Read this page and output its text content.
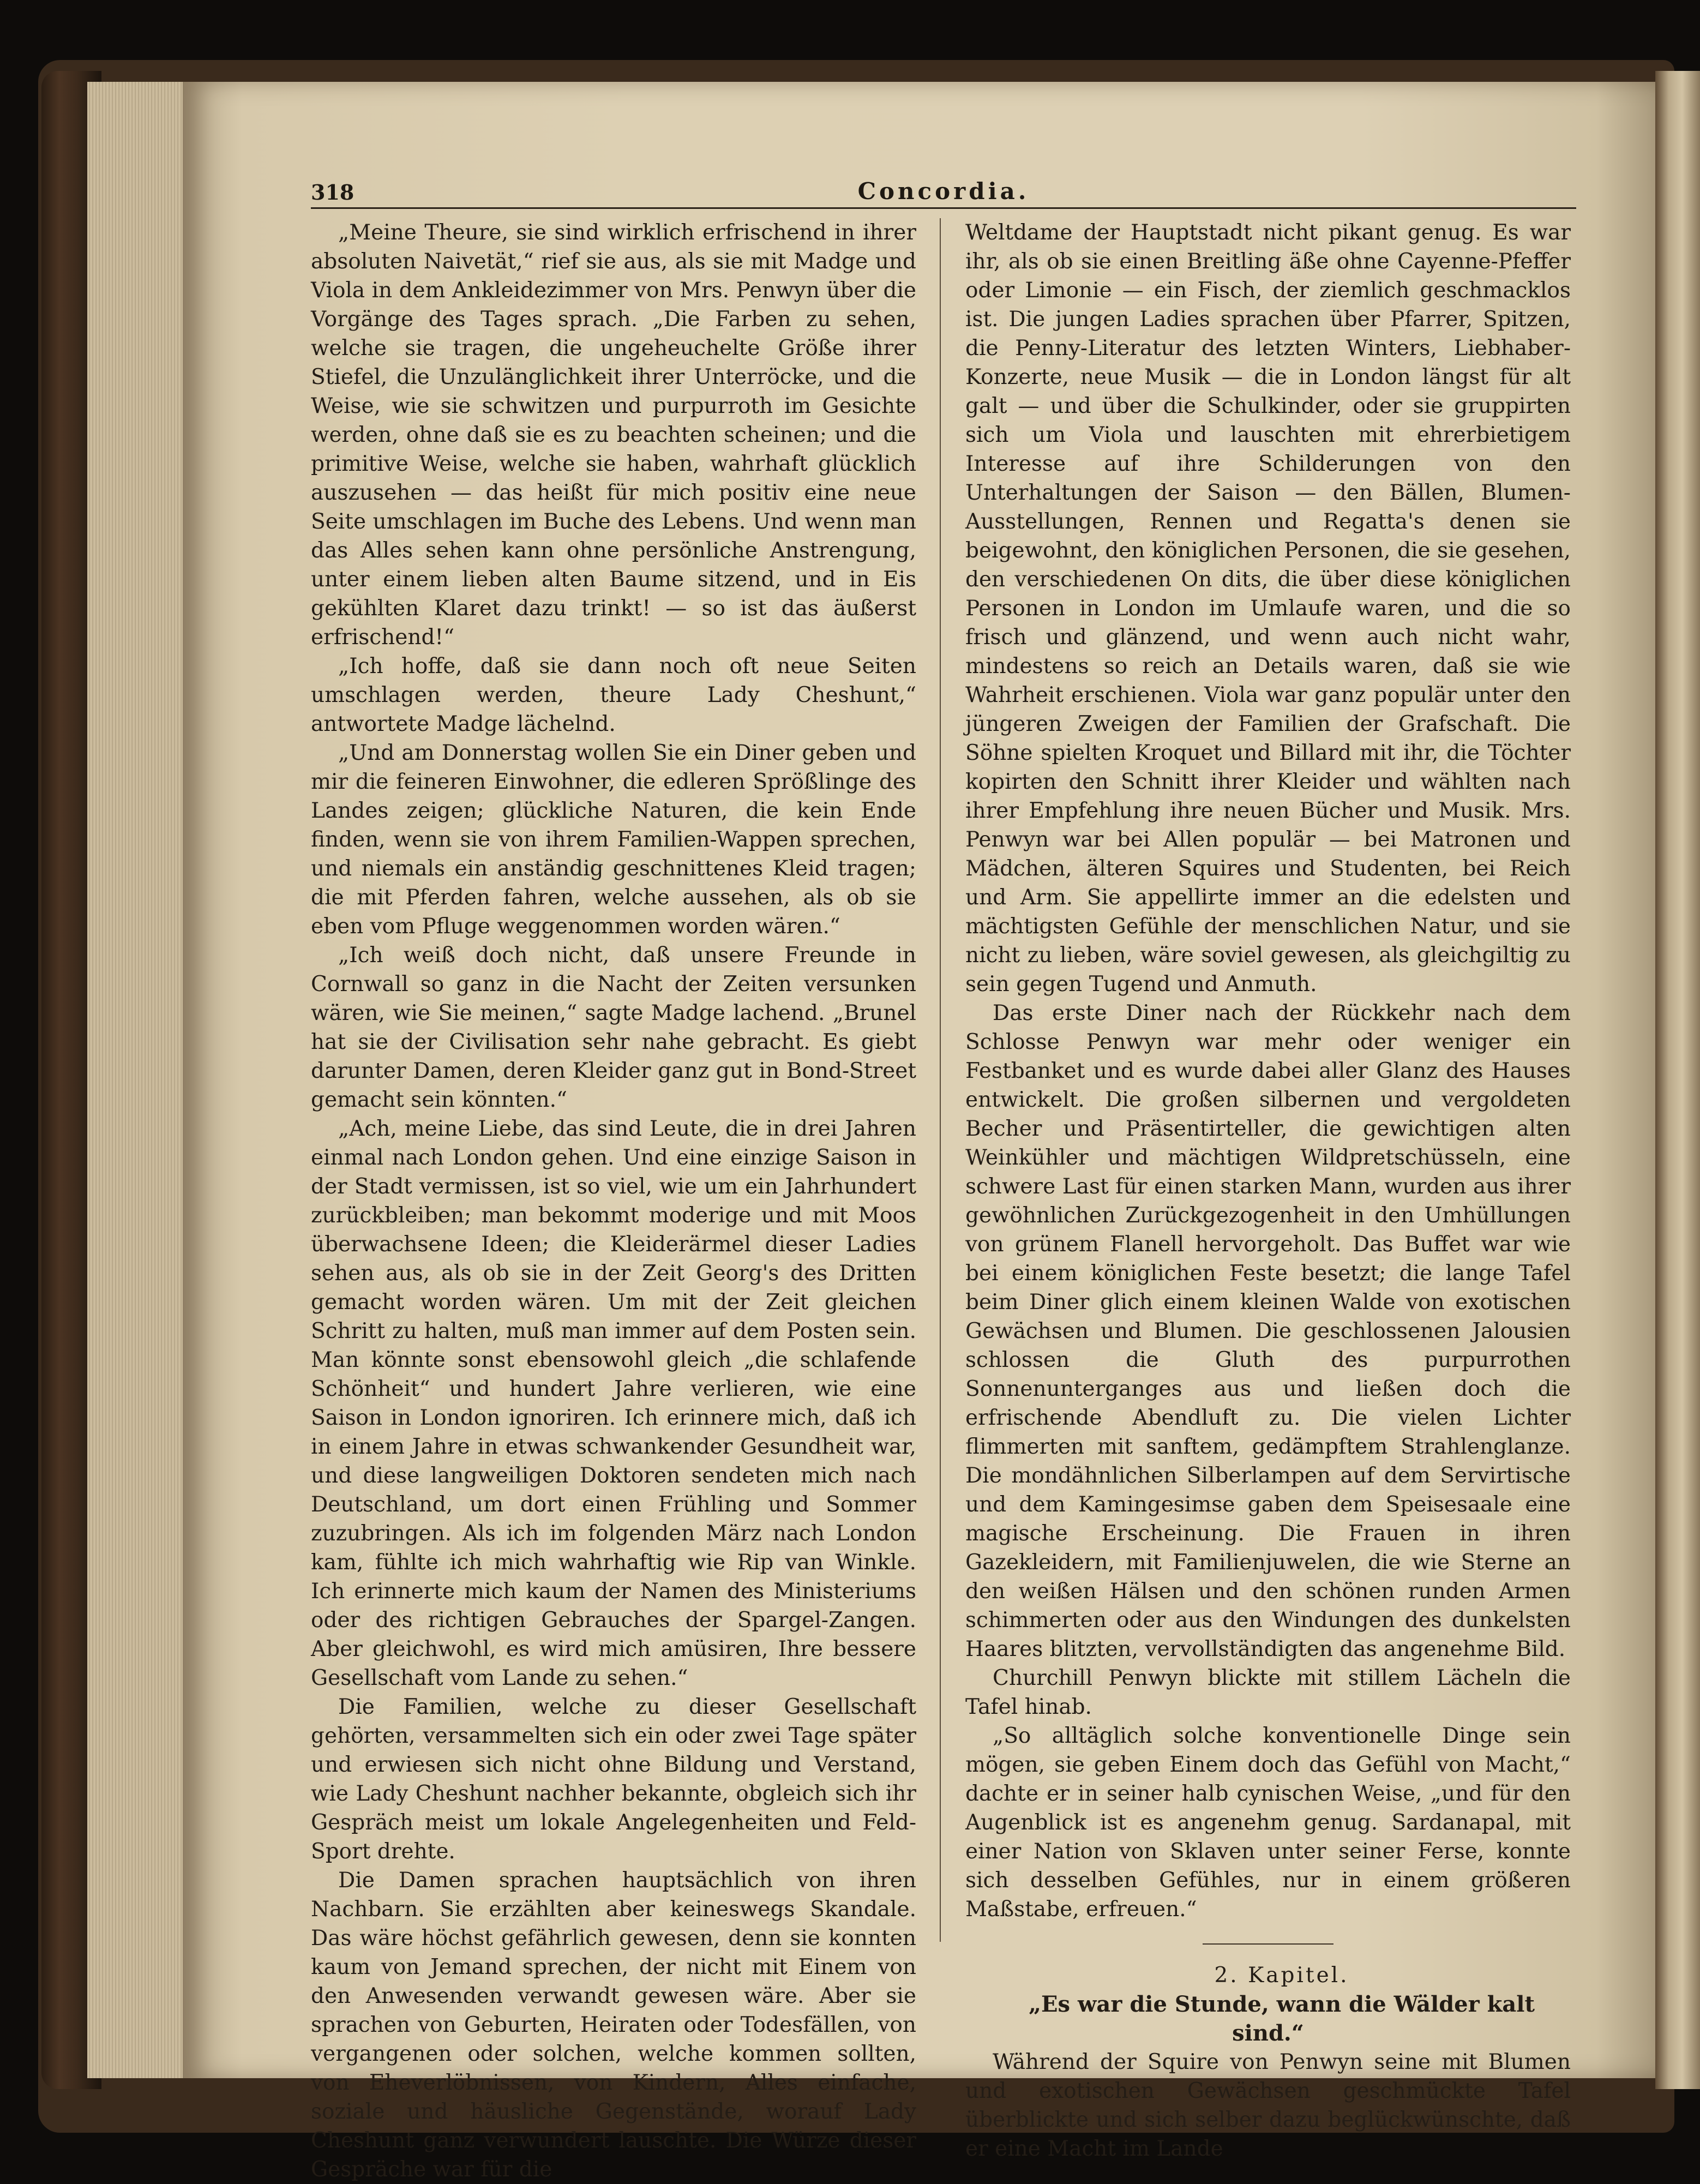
318	Concordia.

„Meine Theure, sie sind wirklich erfrischend in ihrer absoluten Naivetät,“ rief sie aus, als sie mit Madge und Viola in dem Ankleidezimmer von Mrs. Penwyn über die Vorgänge des Tages sprach. „Die Farben zu sehen, welche sie tragen, die ungeheuchelte Größe ihrer Stiefel, die Unzulänglichkeit ihrer Unterröcke, und die Weise, wie sie schwitzen und purpurroth im Gesichte werden, ohne daß sie es zu beachten scheinen; und die primitive Weise, welche sie haben, wahrhaft glücklich auszusehen — das heißt für mich positiv eine neue Seite umschlagen im Buche des Lebens. Und wenn man das Alles sehen kann ohne persönliche Anstrengung, unter einem lieben alten Baume sitzend, und in Eis gekühlten Klaret dazu trinkt! — so ist das äußerst erfrischend!“

„Ich hoffe, daß sie dann noch oft neue Seiten umschlagen werden, theure Lady Cheshunt,“ antwortete Madge lächelnd.

„Und am Donnerstag wollen Sie ein Diner geben und mir die feineren Einwohner, die edleren Sprößlinge des Landes zeigen; glückliche Naturen, die kein Ende finden, wenn sie von ihrem Familien-Wappen sprechen, und niemals ein anständig geschnittenes Kleid tragen; die mit Pferden fahren, welche aussehen, als ob sie eben vom Pfluge weggenommen worden wären.“

„Ich weiß doch nicht, daß unsere Freunde in Cornwall so ganz in die Nacht der Zeiten versunken wären, wie Sie meinen,“ sagte Madge lachend. „Brunel hat sie der Civilisation sehr nahe gebracht. Es giebt darunter Damen, deren Kleider ganz gut in Bond-Street gemacht sein könnten.“

„Ach, meine Liebe, das sind Leute, die in drei Jahren einmal nach London gehen. Und eine einzige Saison in der Stadt vermissen, ist so viel, wie um ein Jahrhundert zurückbleiben; man bekommt moderige und mit Moos überwachsene Ideen; die Kleiderärmel dieser Ladies sehen aus, als ob sie in der Zeit Georg's des Dritten gemacht worden wären. Um mit der Zeit gleichen Schritt zu halten, muß man immer auf dem Posten sein. Man könnte sonst ebensowohl gleich „die schlafende Schönheit“ und hundert Jahre verlieren, wie eine Saison in London ignoriren. Ich erinnere mich, daß ich in einem Jahre in etwas schwankender Gesundheit war, und diese langweiligen Doktoren sendeten mich nach Deutschland, um dort einen Frühling und Sommer zuzubringen. Als ich im folgenden März nach London kam, fühlte ich mich wahrhaftig wie Rip van Winkle. Ich erinnerte mich kaum der Namen des Ministeriums oder des richtigen Gebrauches der Spargel-Zangen. Aber gleichwohl, es wird mich amüsiren, Ihre bessere Gesellschaft vom Lande zu sehen.“

Die Familien, welche zu dieser Gesellschaft gehörten, versammelten sich ein oder zwei Tage später und erwiesen sich nicht ohne Bildung und Verstand, wie Lady Cheshunt nachher bekannte, obgleich sich ihr Gespräch meist um lokale Angelegenheiten und Feld-Sport drehte.

Die Damen sprachen hauptsächlich von ihren Nachbarn. Sie erzählten aber keineswegs Skandale. Das wäre höchst gefährlich gewesen, denn sie konnten kaum von Jemand sprechen, der nicht mit Einem von den Anwesenden verwandt gewesen wäre. Aber sie sprachen von Geburten, Heiraten oder Todesfällen, von vergangenen oder solchen, welche kommen sollten, von Eheverlöbnissen, von Kindern, Alles einfache, soziale und häusliche Gegenstände, worauf Lady Cheshunt ganz verwundert lauschte. Die Würze dieser Gespräche war für die

Weltdame der Hauptstadt nicht pikant genug. Es war ihr, als ob sie einen Breitling äße ohne Cayenne-Pfeffer oder Limonie — ein Fisch, der ziemlich geschmacklos ist. Die jungen Ladies sprachen über Pfarrer, Spitzen, die Penny-Literatur des letzten Winters, Liebhaber-Konzerte, neue Musik — die in London längst für alt galt — und über die Schulkinder, oder sie gruppirten sich um Viola und lauschten mit ehrerbietigem Interesse auf ihre Schilderungen von den Unterhaltungen der Saison — den Bällen, Blumen-Ausstellungen, Rennen und Regatta's denen sie beigewohnt, den königlichen Personen, die sie gesehen, den verschiedenen On dits, die über diese königlichen Personen in London im Umlaufe waren, und die so frisch und glänzend, und wenn auch nicht wahr, mindestens so reich an Details waren, daß sie wie Wahrheit erschienen. Viola war ganz populär unter den jüngeren Zweigen der Familien der Grafschaft. Die Söhne spielten Kroquet und Billard mit ihr, die Töchter kopirten den Schnitt ihrer Kleider und wählten nach ihrer Empfehlung ihre neuen Bücher und Musik. Mrs. Penwyn war bei Allen populär — bei Matronen und Mädchen, älteren Squires und Studenten, bei Reich und Arm. Sie appellirte immer an die edelsten und mächtigsten Gefühle der menschlichen Natur, und sie nicht zu lieben, wäre soviel gewesen, als gleichgiltig zu sein gegen Tugend und Anmuth.

Das erste Diner nach der Rückkehr nach dem Schlosse Penwyn war mehr oder weniger ein Festbanket und es wurde dabei aller Glanz des Hauses entwickelt. Die großen silbernen und vergoldeten Becher und Präsentirteller, die gewichtigen alten Weinkühler und mächtigen Wildpretschüsseln, eine schwere Last für einen starken Mann, wurden aus ihrer gewöhnlichen Zurückgezogenheit in den Umhüllungen von grünem Flanell hervorgeholt. Das Buffet war wie bei einem königlichen Feste besetzt; die lange Tafel beim Diner glich einem kleinen Walde von exotischen Gewächsen und Blumen. Die geschlossenen Jalousien schlossen die Gluth des purpurrothen Sonnenunterganges aus und ließen doch die erfrischende Abendluft zu. Die vielen Lichter flimmerten mit sanftem, gedämpftem Strahlenglanze. Die mondähnlichen Silberlampen auf dem Servirtische und dem Kamingesimse gaben dem Speisesaale eine magische Erscheinung. Die Frauen in ihren Gazekleidern, mit Familienjuwelen, die wie Sterne an den weißen Hälsen und den schönen runden Armen schimmerten oder aus den Windungen des dunkelsten Haares blitzten, vervollständigten das angenehme Bild.

Churchill Penwyn blickte mit stillem Lächeln die Tafel hinab.

„So alltäglich solche konventionelle Dinge sein mögen, sie geben Einem doch das Gefühl von Macht,“ dachte er in seiner halb cynischen Weise, „und für den Augenblick ist es angenehm genug. Sardanapal, mit einer Nation von Sklaven unter seiner Ferse, konnte sich desselben Gefühles, nur in einem größeren Maßstabe, erfreuen.“

2. Kapitel.

„Es war die Stunde, wann die Wälder kalt sind.“

Während der Squire von Penwyn seine mit Blumen und exotischen Gewächsen geschmückte Tafel überblickte und sich selber dazu beglückwünschte, daß er eine Macht im Lande
